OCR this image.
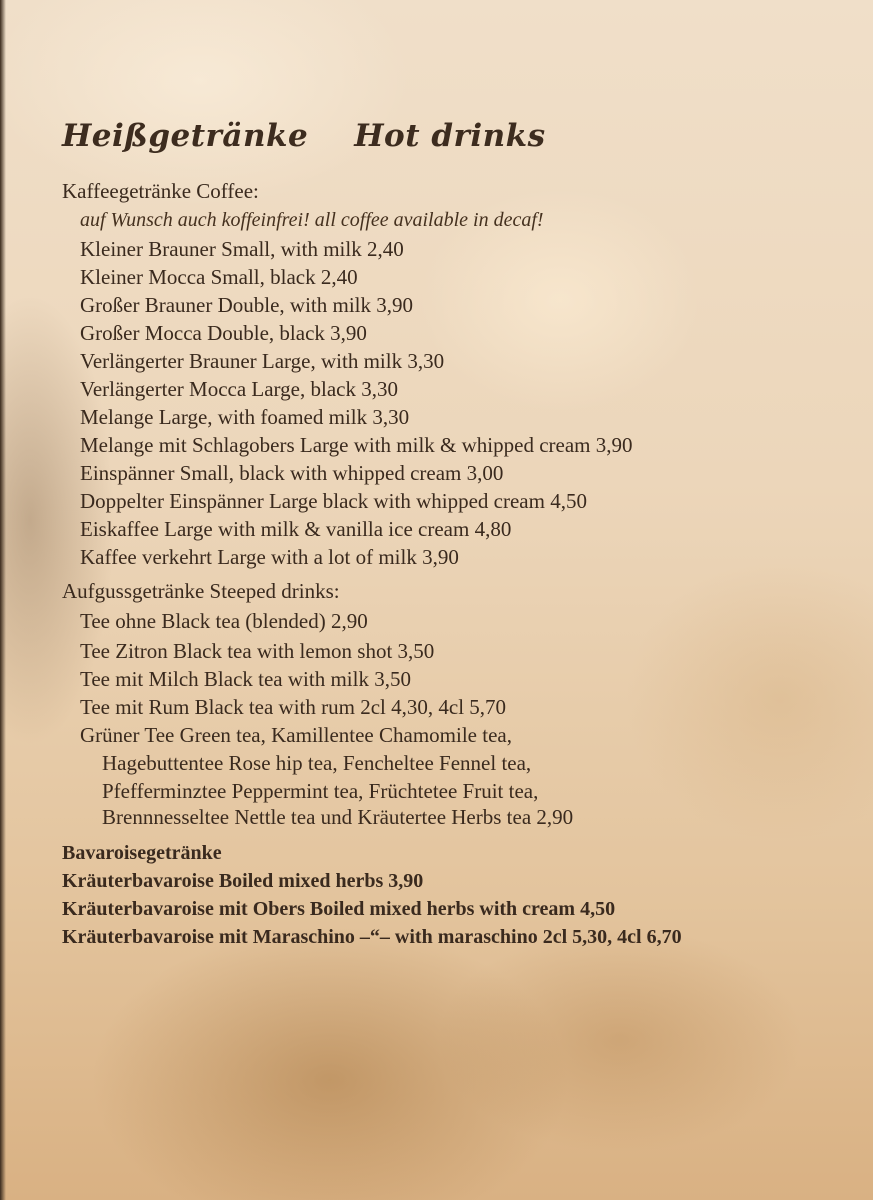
Heißgetränke Hot drinks
Kaffeegetränke Coffee:
auf Wunsch auch koffeinfrei! all coffee available in decaf!
Kleiner Brauner Small, with milk 2,40
Kleiner Mocca Small, black 2,40
Großer Brauner Double, with milk 3,90
Großer Mocca Double, black 3,90
Verlängerter Brauner Large, with milk 3,30
Verlängerter Mocca Large, black 3,30
Melange Large, with foamed milk 3,30
Melange mit Schlagobers Large with milk & whipped cream 3,90
Einspänner Small, black with whipped cream 3,00
Doppelter Einspänner Large black with whipped cream 4,50
Eiskaffee Large with milk & vanilla ice cream 4,80
Kaffee verkehrt Large with a lot of milk 3,90
Aufgussgetränke Steeped drinks:
Tee ohne Black tea (blended) 2,90
Tee Zitron Black tea with lemon shot 3,50
Tee mit Milch Black tea with milk 3,50
Tee mit Rum Black tea with rum 2cl 4,30, 4cl 5,70
Grüner Tee Green tea, Kamillentee Chamomile tea,
Hagebuttentee Rose hip tea, Fencheltee Fennel tea,
Pfefferminztee Peppermint tea, Früchtetee Fruit tea,
Brennnesseltee Nettle tea und Kräutertee Herbs tea 2,90
Bavaroisegetränke
Kräuterbavaroise Boiled mixed herbs 3,90
Kräuterbavaroise mit Obers Boiled mixed herbs with cream 4,50
Kräuterbavaroise mit Maraschino –“– with maraschino 2cl 5,30, 4cl 6,70
